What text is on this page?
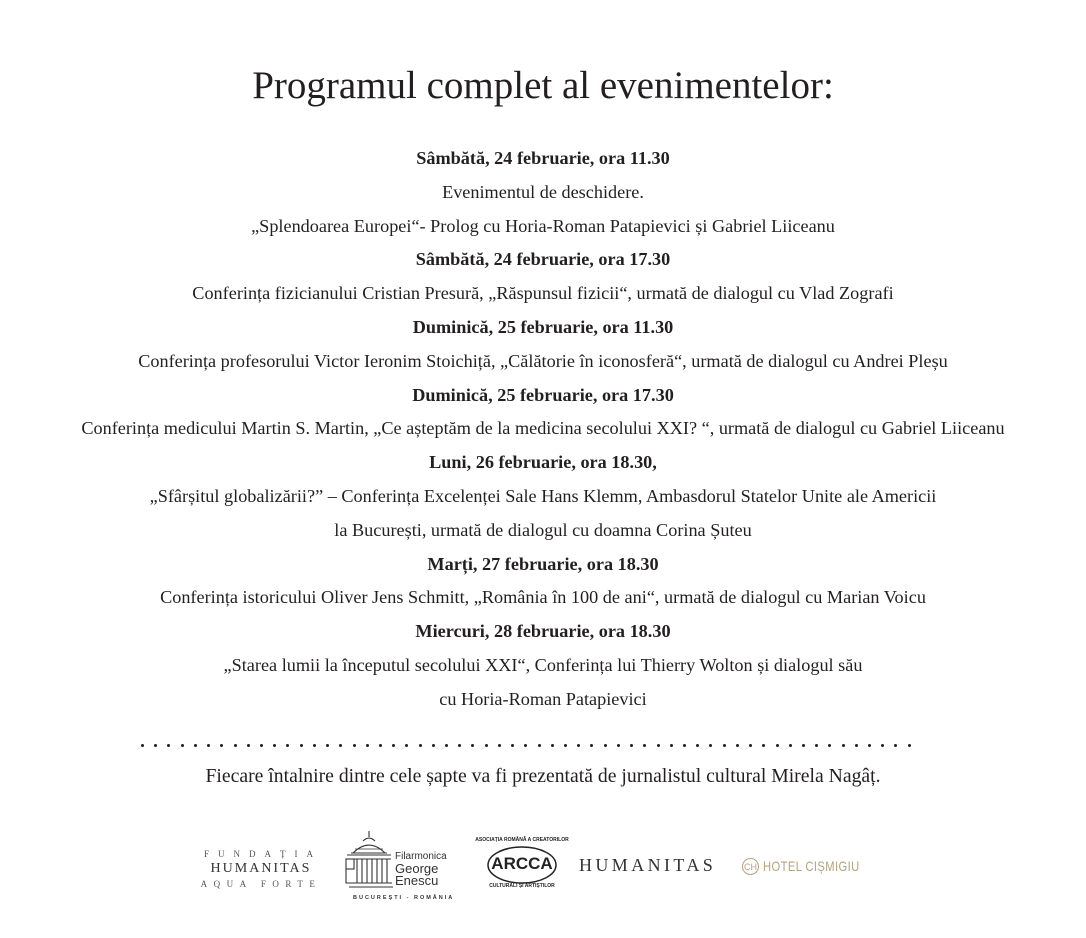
Programul complet al evenimentelor:
Sâmbătă, 24 februarie, ora 11.30
Evenimentul de deschidere.
„Splendoarea Europei“- Prolog cu Horia-Roman Patapievici și Gabriel Liiceanu
Sâmbătă, 24 februarie, ora 17.30
Conferința fizicianului Cristian Presură, „Răspunsul fizicii“, urmată de dialogul cu Vlad Zografi
Duminică, 25 februarie, ora 11.30
Conferința profesorului Victor Ieronim Stoichiță, „Călătorie în iconosferă“, urmată de dialogul cu Andrei Pleșu
Duminică, 25 februarie, ora 17.30
Conferința medicului Martin S. Martin, „Ce așteptăm de la medicina secolului XXI? “, urmată de dialogul cu Gabriel Liiceanu
Luni, 26 februarie, ora 18.30,
„Sfârșitul globalizării?” – Conferința Excelenței Sale Hans Klemm, Ambasdorul Statelor Unite ale Americii
la București, urmată de dialogul cu doamna Corina Șuteu
Marți, 27 februarie, ora 18.30
Conferința istoricului Oliver Jens Schmitt, „România în 100 de ani“, urmată de dialogul cu Marian Voicu
Miercuri, 28 februarie, ora 18.30
„Starea lumii la începutul secolului XXI“, Conferința lui Thierry Wolton și dialogul său
cu Horia-Roman Patapievici
Fiecare întalnire dintre cele șapte va fi prezentată de jurnalistul cultural Mirela Nagâț.
FUNDAȚIA
HUMANITAS
AQUA FORTE
Filarmonica
George
Enescu
BUCUREȘTI - ROMÂNIA
ASOCIAȚIA ROMÂNĂ A CREATORILOR
ARCCA
CULTURALI ȘI ARTIȘTILOR
HUMANITAS	CH HOTEL CIȘMIGIU
